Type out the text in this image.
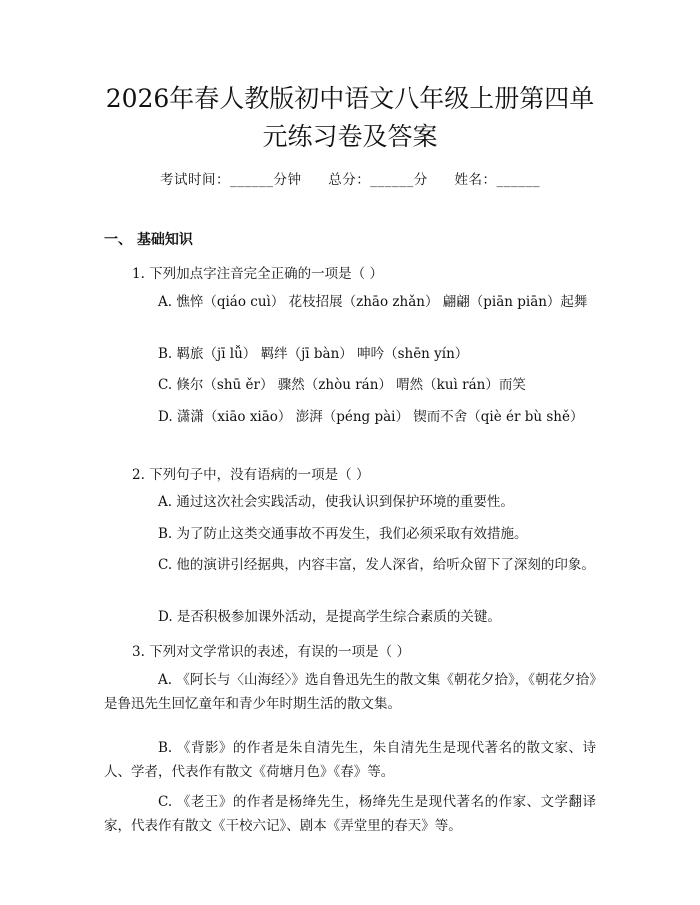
2026年春人教版初中语文八年级上册第四单
元练习卷及答案
考试时间：______分钟 总分：______分 姓名：______
一、 基础知识
1. 下列加点字注音完全正确的一项是（ ）
A. 憔悴（qiáo cuì） 花枝招展（zhāo zhǎn） 翩翩（piān piān）起舞
B. 羁旅（jī lǚ） 羁绊（jī bàn） 呻吟（shēn yín）
C. 倏尔（shū ěr） 骤然（zhòu rán） 喟然（kuì rán）而笑
D. 潇潇（xiāo xiāo） 澎湃（péng pài） 锲而不舍（qiè ér bù shě）
2. 下列句子中，没有语病的一项是（ ）
A. 通过这次社会实践活动，使我认识到保护环境的重要性。
B. 为了防止这类交通事故不再发生，我们必须采取有效措施。
C. 他的演讲引经据典，内容丰富，发人深省，给听众留下了深刻的印象。
D. 是否积极参加课外活动，是提高学生综合素质的关键。
3. 下列对文学常识的表述，有误的一项是（ ）
A. 《阿长与〈山海经〉》选自鲁迅先生的散文集《朝花夕拾》，《朝花夕拾》是鲁迅先生回忆童年和青少年时期生活的散文集。
B. 《背影》的作者是朱自清先生，朱自清先生是现代著名的散文家、诗人、学者，代表作有散文《荷塘月色》《春》等。
C. 《老王》的作者是杨绛先生，杨绛先生是现代著名的作家、文学翻译家，代表作有散文《干校六记》、剧本《弄堂里的春天》等。
